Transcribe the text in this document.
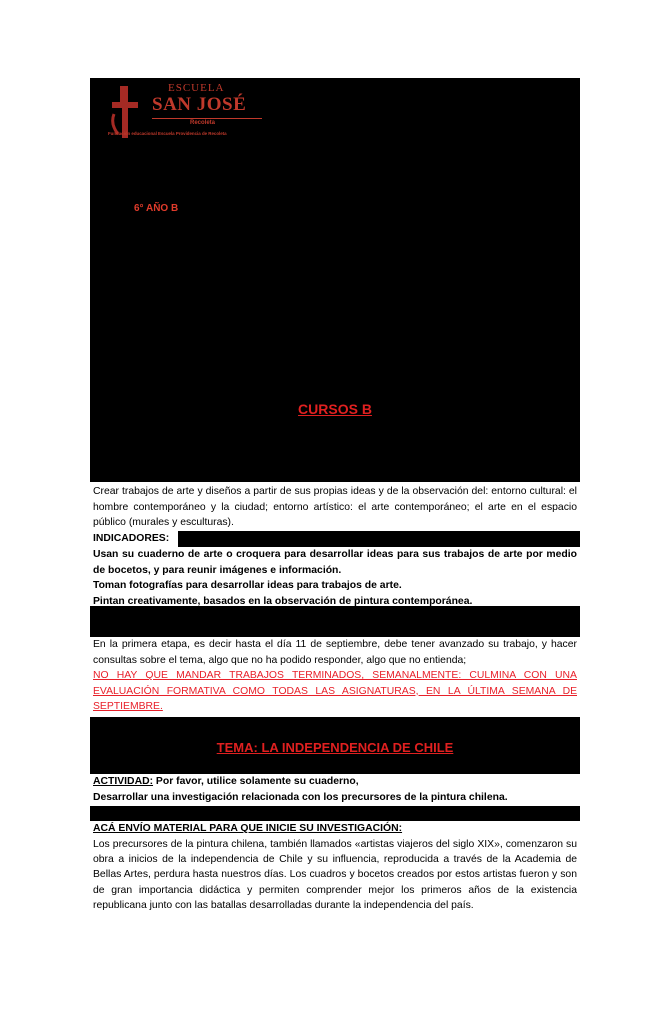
ESCUELA
SAN JOSÉ
Recoleta
Fundación educacional Escuela Providencia de Recoleta
6° AÑO B
CURSOS B
Crear trabajos de arte y diseños a partir de sus propias ideas y de la observación del: entorno cultural: el hombre contemporáneo y la ciudad; entorno artístico: el arte contemporáneo; el arte en el espacio público (murales y esculturas).
INDICADORES:
Usan su cuaderno de arte o croquera para desarrollar ideas para sus trabajos de arte por medio de bocetos, y para reunir imágenes e información.
Toman fotografías para desarrollar ideas para trabajos de arte.
Pintan creativamente, basados en la observación de pintura contemporánea.
En la primera etapa, es decir hasta el día 11 de septiembre, debe tener avanzado su trabajo, y hacer consultas sobre el tema, algo que no ha podido responder, algo que no entienda;
NO HAY QUE MANDAR TRABAJOS TERMINADOS, SEMANALMENTE: CULMINA CON UNA EVALUACIÓN FORMATIVA COMO TODAS LAS ASIGNATURAS, EN LA ÚLTIMA SEMANA DE SEPTIEMBRE.
TEMA: LA INDEPENDENCIA DE CHILE
ACTIVIDAD: Por favor, utilice solamente su cuaderno,
Desarrollar una investigación relacionada con los precursores de la pintura chilena.
ACÁ ENVÍO MATERIAL PARA QUE INICIE SU INVESTIGACIÓN:
Los precursores de la pintura chilena, también llamados «artistas viajeros del siglo XIX», comenzaron su obra a inicios de la independencia de Chile y su influencia, reproducida a través de la Academia de Bellas Artes, perdura hasta nuestros días. Los cuadros y bocetos creados por estos artistas fueron y son de gran importancia didáctica y permiten comprender mejor los primeros años de la existencia republicana junto con las batallas desarrolladas durante la independencia del país.
